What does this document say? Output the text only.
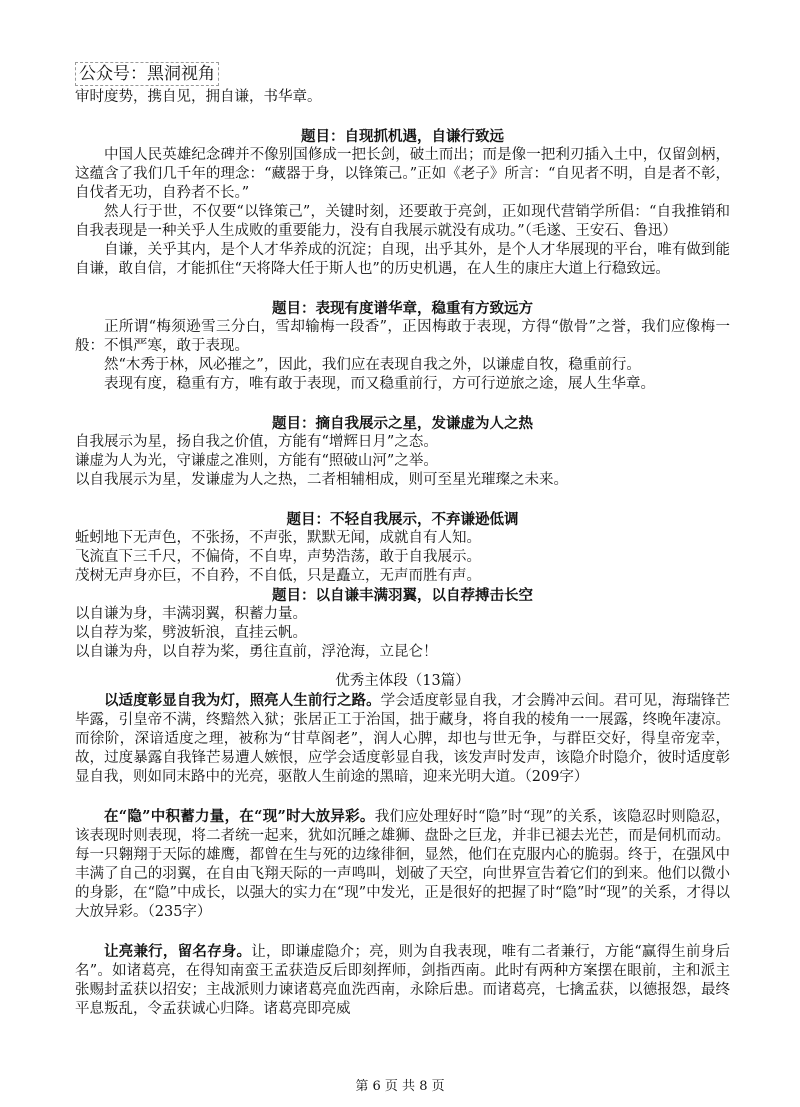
公众号：黑洞视角

审时度势，携自见，拥自谦，书华章。

题目：自现抓机遇，自谦行致远

中国人民英雄纪念碑并不像别国修成一把长剑，破土而出；而是像一把利刃插入土中，仅留剑柄，这蕴含了我们几千年的理念：“藏器于身，以锋策己。”正如《老子》所言：“自见者不明，自是者不彰，自伐者无功，自矜者不长。”

然人行于世，不仅要“以锋策己”，关键时刻，还要敢于亮剑，正如现代营销学所倡：“自我推销和自我表现是一种关乎人生成败的重要能力，没有自我展示就没有成功。”（毛遂、王安石、鲁迅）

自谦，关乎其内，是个人才华养成的沉淀；自现，出乎其外，是个人才华展现的平台，唯有做到能自谦，敢自信，才能抓住“天将降大任于斯人也”的历史机遇，在人生的康庄大道上行稳致远。

题目：表现有度谱华章，稳重有方致远方

正所谓“梅须逊雪三分白，雪却输梅一段香”，正因梅敢于表现，方得“傲骨”之誉，我们应像梅一般：不惧严寒，敢于表现。

然“木秀于林，风必摧之”，因此，我们应在表现自我之外，以谦虚自牧，稳重前行。

表现有度，稳重有方，唯有敢于表现，而又稳重前行，方可行逆旅之途，展人生华章。

题目：摘自我展示之星，发谦虚为人之热

自我展示为星，扬自我之价值，方能有“增辉日月”之态。

谦虚为人为光，守谦虚之准则，方能有“照破山河”之举。

以自我展示为星，发谦虚为人之热，二者相辅相成，则可至星光璀璨之未来。

题目：不轻自我展示，不弃谦逊低调

蚯蚓地下无声色，不张扬，不声张，默默无闻，成就自有人知。

飞流直下三千尺，不偏倚，不自卑，声势浩荡，敢于自我展示。

茂树无声身亦巨，不自矜，不自低，只是矗立，无声而胜有声。

题目：以自谦丰满羽翼，以自荐搏击长空

以自谦为身，丰满羽翼，积蓄力量。

以自荐为桨，劈波斩浪，直挂云帆。

以自谦为舟，以自荐为桨，勇往直前，浮沧海，立昆仑！

优秀主体段（13篇）

以适度彰显自我为灯，照亮人生前行之路。学会适度彰显自我，才会腾冲云间。君可见，海瑞锋芒毕露，引皇帝不满，终黯然入狱；张居正工于治国，拙于藏身，将自我的棱角一一展露，终晚年凄凉。而徐阶，深谙适度之理，被称为“甘草阁老”，润人心脾，却也与世无争，与群臣交好，得皇帝宠幸，故，过度暴露自我锋芒易遭人嫉恨，应学会适度彰显自我，该发声时发声，该隐介时隐介，彼时适度彰显自我，则如同末路中的光亮，驱散人生前途的黑暗，迎来光明大道。（209字）

在“隐”中积蓄力量，在“现”时大放异彩。我们应处理好时“隐”时“现”的关系，该隐忍时则隐忍，该表现时则表现，将二者统一起来，犹如沉睡之雄狮、盘卧之巨龙，并非已褪去光芒，而是伺机而动。每一只翱翔于天际的雄鹰，都曾在生与死的边缘徘徊，显然，他们在克服内心的脆弱。终于，在强风中丰满了自己的羽翼，在自由飞翔天际的一声鸣叫，划破了天空，向世界宣告着它们的到来。他们以微小的身影，在“隐”中成长，以强大的实力在“现”中发光，正是很好的把握了时“隐”时“现”的关系，才得以大放异彩。（235字）

让亮兼行，留名存身。让，即谦虚隐介；亮，则为自我表现，唯有二者兼行，方能“赢得生前身后名”。如诸葛亮，在得知南蛮王孟获造反后即刻挥师，剑指西南。此时有两种方案摆在眼前，主和派主张赐封孟获以招安；主战派则力谏诸葛亮血洗西南，永除后患。而诸葛亮，七擒孟获，以德报怨，最终平息叛乱，令孟获诚心归降。诸葛亮即亮威

第 6 页 共 8 页
